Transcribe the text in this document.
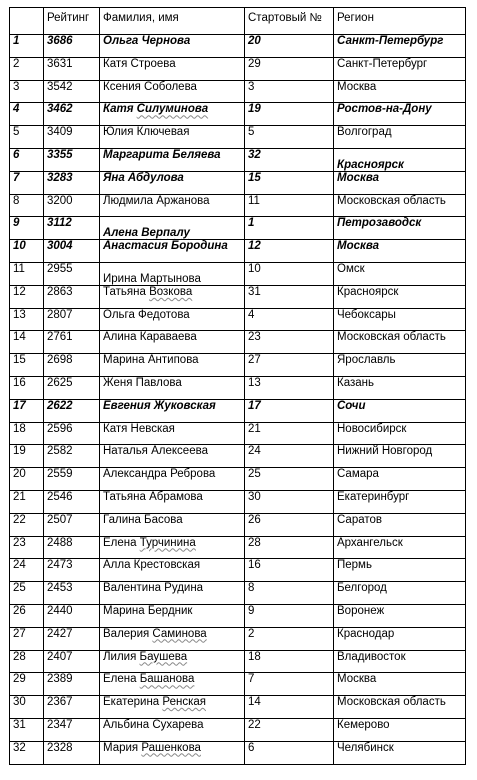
	Рейтинг	Фамилия, имя	Стартовый №	Регион
1	3686	Ольга Чернова	20	Санкт-Петербург
2	3631	Катя Строева	29	Санкт-Петербург
3	3542	Ксения Соболева	3	Москва
4	3462	Катя Силуминова	19	Ростов-на-Дону
5	3409	Юлия Ключевая	5	Волгоград
6	3355	Маргарита Беляева	32	Красноярск
7	3283	Яна Абдулова	15	Москва
8	3200	Людмила Аржанова	11	Московская область
9	3112	Алена Верпалу	1	Петрозаводск
10	3004	Анастасия Бородина	12	Москва
11	2955	Ирина Мартынова	10	Омск
12	2863	Татьяна Возкова	31	Красноярск
13	2807	Ольга Федотова	4	Чебоксары
14	2761	Алина Караваева	23	Московская область
15	2698	Марина Антипова	27	Ярославль
16	2625	Женя Павлова	13	Казань
17	2622	Евгения Жуковская	17	Сочи
18	2596	Катя Невская	21	Новосибирск
19	2582	Наталья Алексеева	24	Нижний Новгород
20	2559	Александра Реброва	25	Самара
21	2546	Татьяна Абрамова	30	Екатеринбург
22	2507	Галина Басова	26	Саратов
23	2488	Елена Турчинина	28	Архангельск
24	2473	Алла Крестовская	16	Пермь
25	2453	Валентина Рудина	8	Белгород
26	2440	Марина Бердник	9	Воронеж
27	2427	Валерия Саминова	2	Краснодар
28	2407	Лилия Баушева	18	Владивосток
29	2389	Елена Башанова	7	Москва
30	2367	Екатерина Ренская	14	Московская область
31	2347	Альбина Сухарева	22	Кемерово
32	2328	Мария Рашенкова	6	Челябинск
